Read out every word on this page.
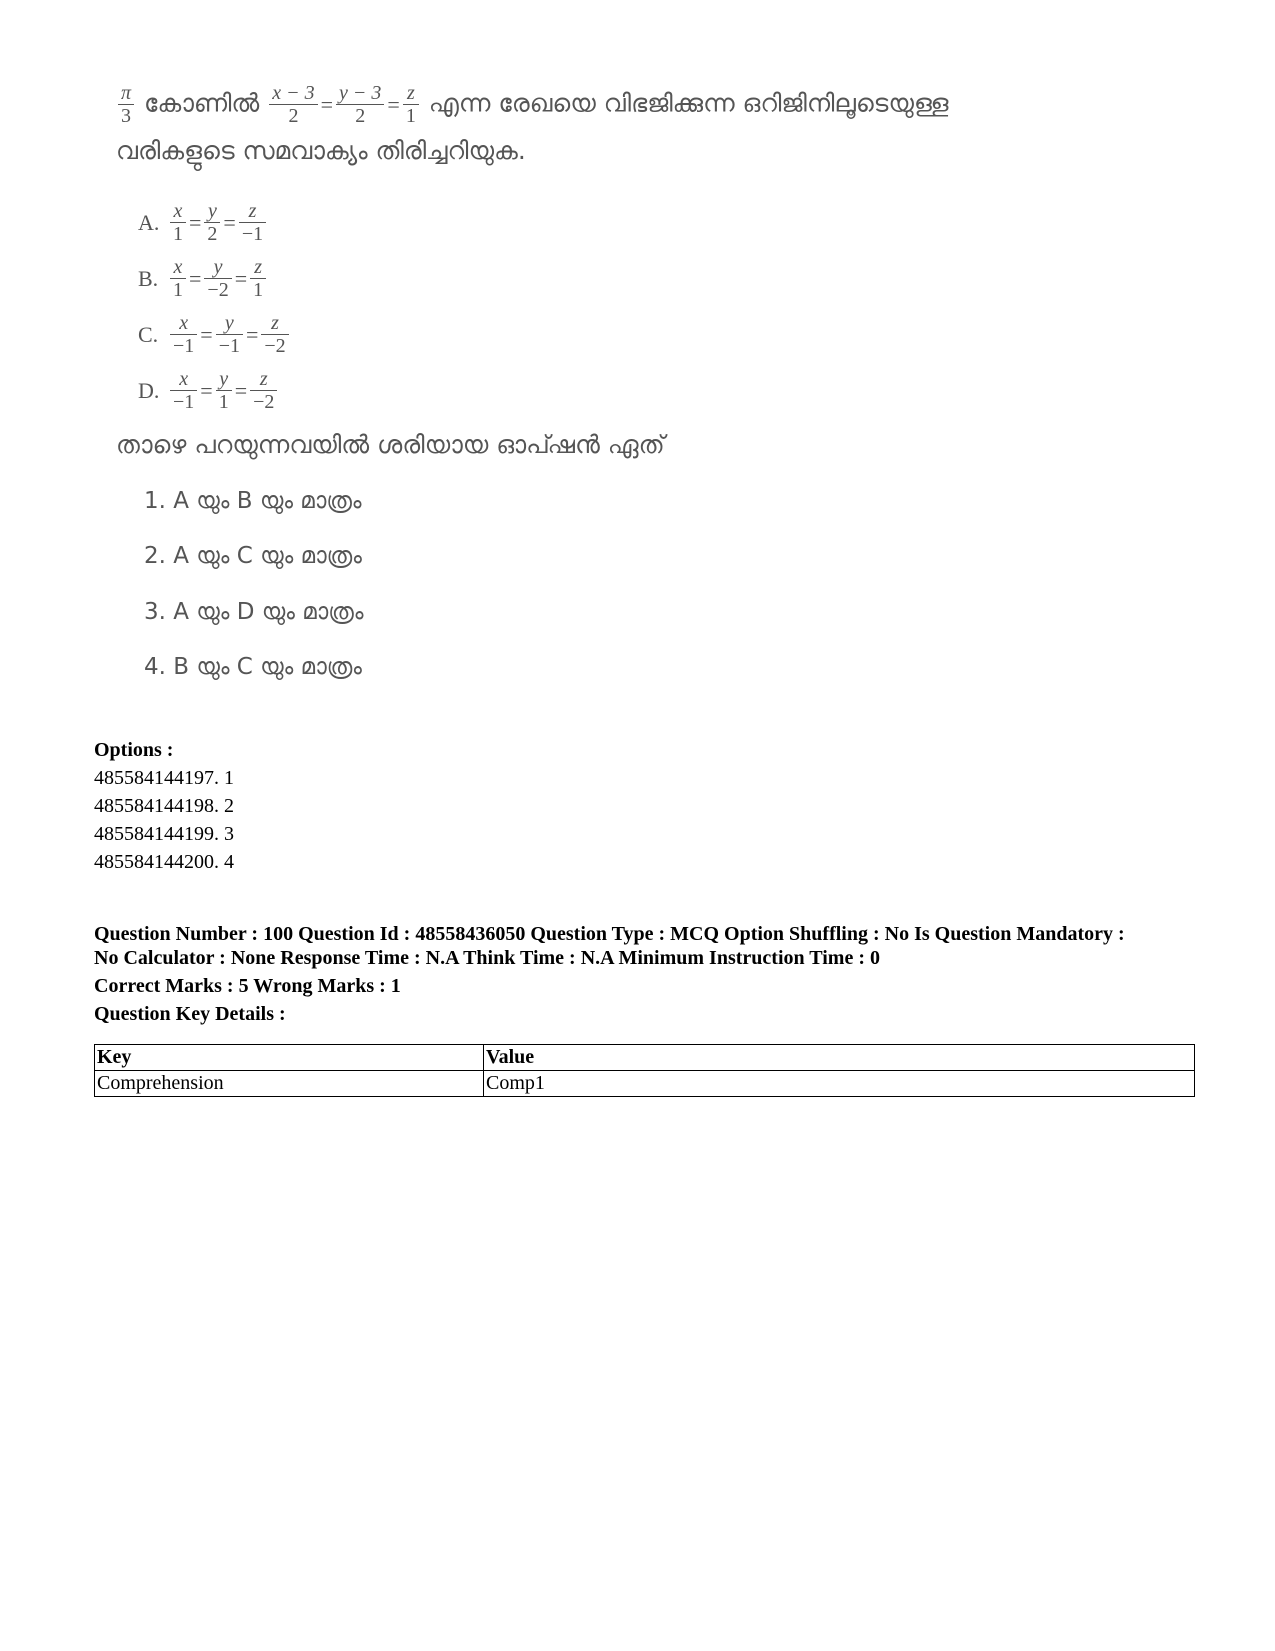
$\frac{\pi}{3}$ കോണിൽ $\frac{x - 3}{2} = \frac{y - 3}{2} = \frac{z}{1}$ എന്ന രേഖയെ വിഭജിക്കുന്ന ഒറിജിനിലൂടെയുള്ള
വരികളുടെ സമവാക്യം തിരിച്ചറിയുക.
A. $\frac{x}{1} = \frac{y}{2} = \frac{z}{-1}$
B. $\frac{x}{1} = \frac{y}{-2} = \frac{z}{1}$
C. $\frac{x}{-1} = \frac{y}{-1} = \frac{z}{-2}$
D. $\frac{x}{-1} = \frac{y}{1} = \frac{z}{-2}$
താഴെ പറയുന്നവയിൽ ശരിയായ ഓപ്ഷൻ ഏത്
1. A യും B യും മാത്രം
2. A യും C യും മാത്രം
3. A യും D യും മാത്രം
4. B യും C യും മാത്രം
Options :
485584144197. 1
485584144198. 2
485584144199. 3
485584144200. 4
Question Number : 100 Question Id : 48558436050 Question Type : MCQ Option Shuffling : No Is Question Mandatory :
No Calculator : None Response Time : N.A Think Time : N.A Minimum Instruction Time : 0
Correct Marks : 5 Wrong Marks : 1
Question Key Details :
Key	Value
Comprehension	Comp1
